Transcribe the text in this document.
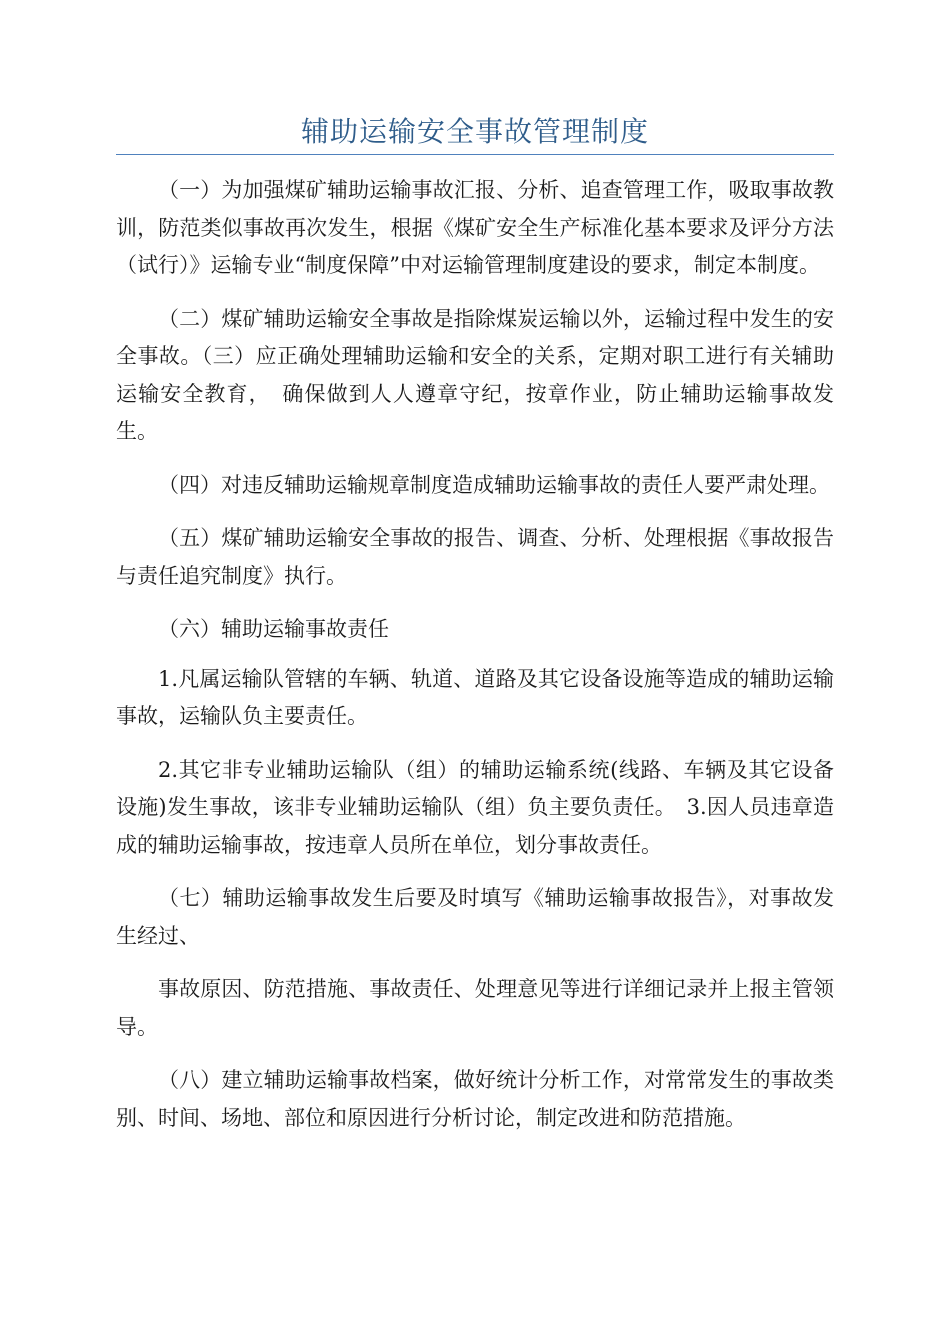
辅助运输安全事故管理制度

（一）为加强煤矿辅助运输事故汇报、分析、追查管理工作，吸取事故教训，防范类似事故再次发生，根据《煤矿安全生产标准化基本要求及评分方法（试行）》运输专业“制度保障”中对运输管理制度建设的要求，制定本制度。

（二）煤矿辅助运输安全事故是指除煤炭运输以外，运输过程中发生的安全事故。（三）应正确处理辅助运输和安全的关系，定期对职工进行有关辅助运输安全教育，　确保做到人人遵章守纪，按章作业，防止辅助运输事故发生。

（四）对违反辅助运输规章制度造成辅助运输事故的责任人要严肃处理。

（五）煤矿辅助运输安全事故的报告、调查、分析、处理根据《事故报告与责任追究制度》执行。

（六）辅助运输事故责任

1.凡属运输队管辖的车辆、轨道、道路及其它设备设施等造成的辅助运输事故，运输队负主要责任。

2.其它非专业辅助运输队（组）的辅助运输系统(线路、车辆及其它设备设施)发生事故，该非专业辅助运输队（组）负主要负责任。　3.因人员违章造成的辅助运输事故，按违章人员所在单位，划分事故责任。

（七）辅助运输事故发生后要及时填写《辅助运输事故报告》，对事故发生经过、

事故原因、防范措施、事故责任、处理意见等进行详细记录并上报主管领导。

（八）建立辅助运输事故档案，做好统计分析工作，对常常发生的事故类别、时间、场地、部位和原因进行分析讨论，制定改进和防范措施。
